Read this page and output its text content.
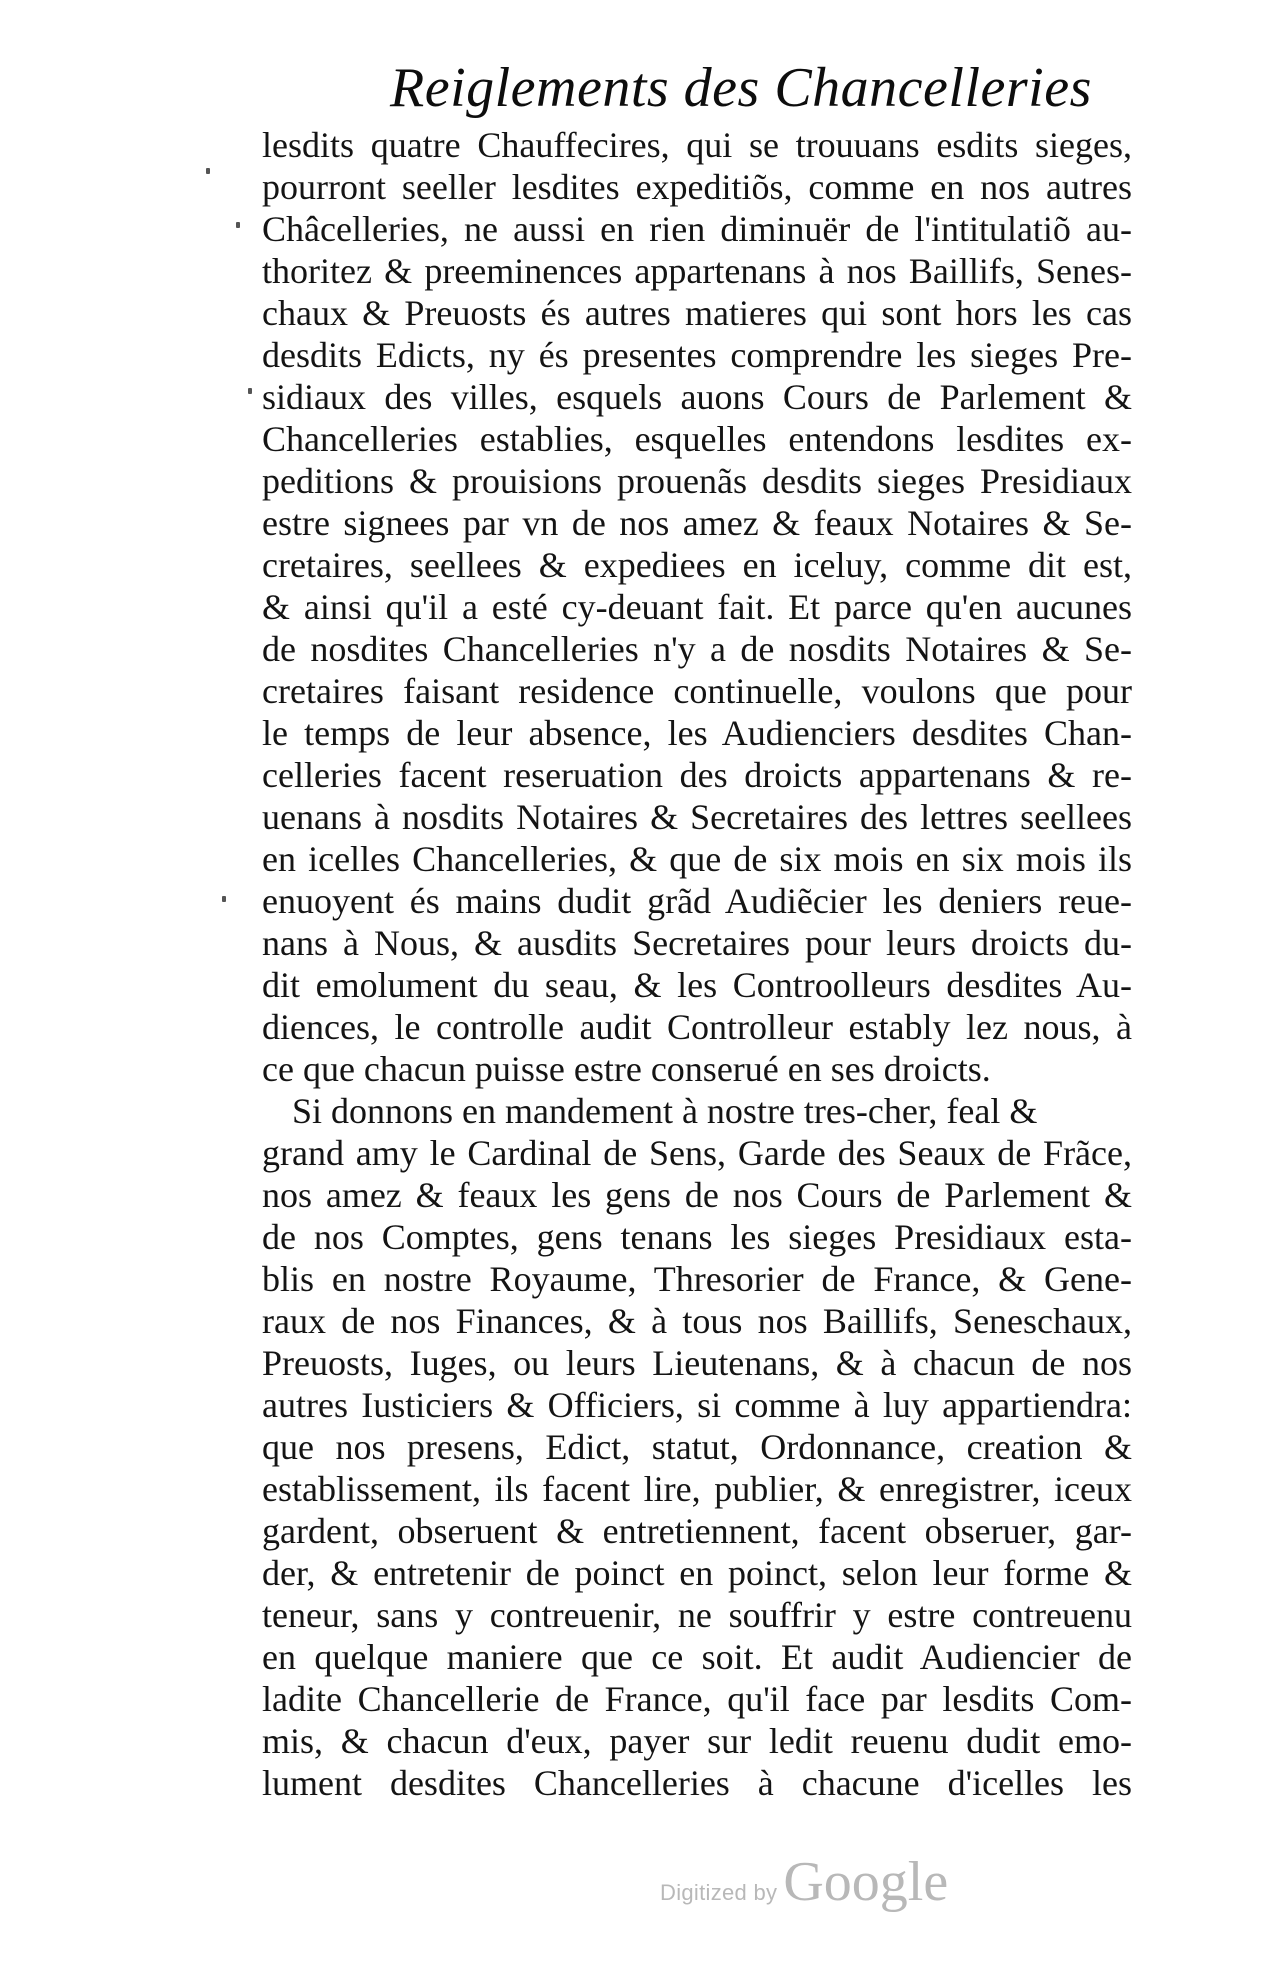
Reiglements des Chancelleries
lesdits quatre Chauffecires, qui se trouuans esdits sieges,
pourront seeller lesdites expeditiõs, comme en nos autres
Châcelleries, ne aussi en rien diminuër de l'intitulatiõ au-
thoritez & preeminences appartenans à nos Baillifs, Senes-
chaux & Preuosts és autres matieres qui sont hors les cas
desdits Edicts, ny és presentes comprendre les sieges Pre-
sidiaux des villes, esquels auons Cours de Parlement &
Chancelleries establies, esquelles entendons lesdites ex-
peditions & prouisions prouenãs desdits sieges Presidiaux
estre signees par vn de nos amez & feaux Notaires & Se-
cretaires, seellees & expediees en iceluy, comme dit est,
& ainsi qu'il a esté cy-deuant fait. Et parce qu'en aucunes
de nosdites Chancelleries n'y a de nosdits Notaires & Se-
cretaires faisant residence continuelle, voulons que pour
le temps de leur absence, les Audienciers desdites Chan-
celleries facent reseruation des droicts appartenans & re-
uenans à nosdits Notaires & Secretaires des lettres seellees
en icelles Chancelleries, & que de six mois en six mois ils
enuoyent és mains dudit grãd Audiẽcier les deniers reue-
nans à Nous, & ausdits Secretaires pour leurs droicts du-
dit emolument du seau, & les Controolleurs desdites Au-
diences, le controlle audit Controlleur estably lez nous, à
ce que chacun puisse estre conserué en ses droicts.
Si donnons en mandement à nostre tres-cher, feal &
grand amy le Cardinal de Sens, Garde des Seaux de Frãce,
nos amez & feaux les gens de nos Cours de Parlement &
de nos Comptes, gens tenans les sieges Presidiaux esta-
blis en nostre Royaume, Thresorier de France, & Gene-
raux de nos Finances, & à tous nos Baillifs, Seneschaux,
Preuosts, Iuges, ou leurs Lieutenans, & à chacun de nos
autres Iusticiers & Officiers, si comme à luy appartiendra:
que nos presens, Edict, statut, Ordonnance, creation &
establissement, ils facent lire, publier, & enregistrer, iceux
gardent, obseruent & entretiennent, facent obseruer, gar-
der, & entretenir de poinct en poinct, selon leur forme &
teneur, sans y contreuenir, ne souffrir y estre contreuenu
en quelque maniere que ce soit. Et audit Audiencier de
ladite Chancellerie de France, qu'il face par lesdits Com-
mis, & chacun d'eux, payer sur ledit reuenu dudit emo-
lument desdites Chancelleries à chacune d'icelles les
Digitized by Google
